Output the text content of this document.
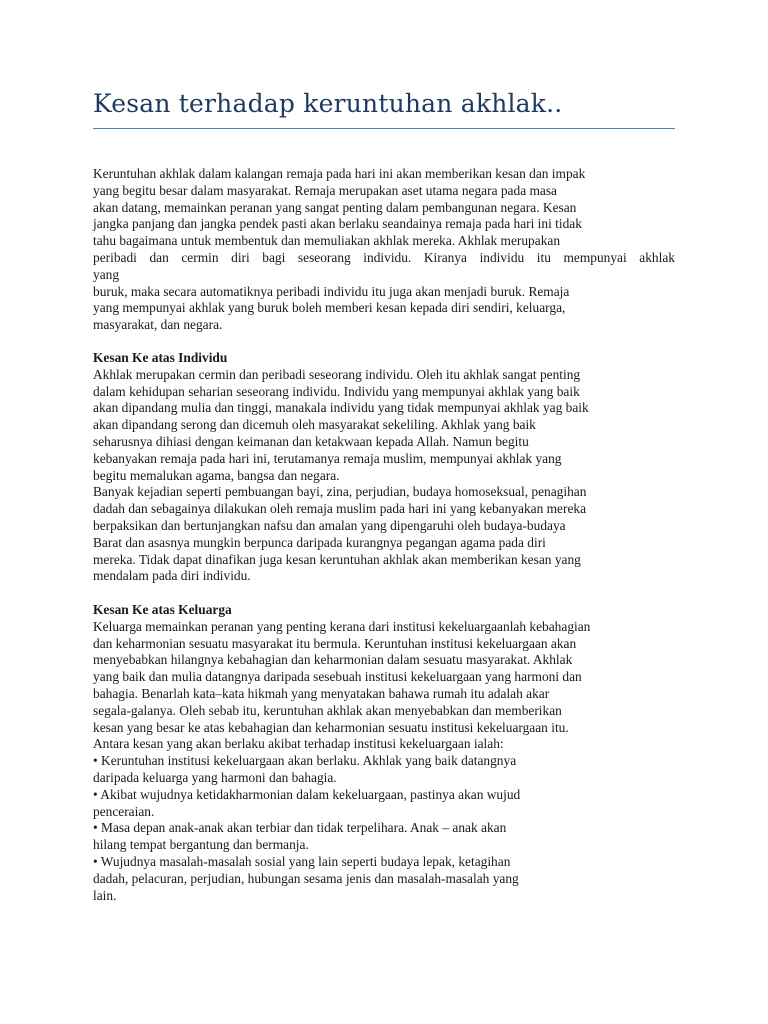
Kesan terhadap keruntuhan akhlak..
Keruntuhan akhlak dalam kalangan remaja pada hari ini akan memberikan kesan dan impak
yang begitu besar dalam masyarakat. Remaja merupakan aset utama negara pada masa
akan datang, memainkan peranan yang sangat penting dalam pembangunan negara. Kesan
jangka panjang dan jangka pendek pasti akan berlaku seandainya remaja pada hari ini tidak
tahu bagaimana untuk membentuk dan memuliakan akhlak mereka. Akhlak merupakan
peribadi dan cermin diri bagi seseorang individu. Kiranya individu itu mempunyai akhlak
yang
buruk, maka secara automatiknya peribadi individu itu juga akan menjadi buruk. Remaja
yang mempunyai akhlak yang buruk boleh memberi kesan kepada diri sendiri, keluarga,
masyarakat, dan negara.
Kesan Ke atas Individu
Akhlak merupakan cermin dan peribadi seseorang individu. Oleh itu akhlak sangat penting
dalam kehidupan seharian seseorang individu. Individu yang mempunyai akhlak yang baik
akan dipandang mulia dan tinggi, manakala individu yang tidak mempunyai akhlak yag baik
akan dipandang serong dan dicemuh oleh masyarakat sekeliling. Akhlak yang baik
seharusnya dihiasi dengan keimanan dan ketakwaan kepada Allah. Namun begitu
kebanyakan remaja pada hari ini, terutamanya remaja muslim, mempunyai akhlak yang
begitu memalukan agama, bangsa dan negara.
Banyak kejadian seperti pembuangan bayi, zina, perjudian, budaya homoseksual, penagihan
dadah dan sebagainya dilakukan oleh remaja muslim pada hari ini yang kebanyakan mereka
berpaksikan dan bertunjangkan nafsu dan amalan yang dipengaruhi oleh budaya-budaya
Barat dan asasnya mungkin berpunca daripada kurangnya pegangan agama pada diri
mereka. Tidak dapat dinafikan juga kesan keruntuhan akhlak akan memberikan kesan yang
mendalam pada diri individu.
Kesan Ke atas Keluarga
Keluarga memainkan peranan yang penting kerana dari institusi kekeluargaanlah kebahagian
dan keharmonian sesuatu masyarakat itu bermula. Keruntuhan institusi kekeluargaan akan
menyebabkan hilangnya kebahagian dan keharmonian dalam sesuatu masyarakat. Akhlak
yang baik dan mulia datangnya daripada sesebuah institusi kekeluargaan yang harmoni dan
bahagia. Benarlah kata–kata hikmah yang menyatakan bahawa rumah itu adalah akar
segala-galanya. Oleh sebab itu, keruntuhan akhlak akan menyebabkan dan memberikan
kesan yang besar ke atas kebahagian dan keharmonian sesuatu institusi kekeluargaan itu.
Antara kesan yang akan berlaku akibat terhadap institusi kekeluargaan ialah:
• Keruntuhan institusi kekeluargaan akan berlaku. Akhlak yang baik datangnya
daripada keluarga yang harmoni dan bahagia.
• Akibat wujudnya ketidakharmonian dalam kekeluargaan, pastinya akan wujud
penceraian.
• Masa depan anak-anak akan terbiar dan tidak terpelihara. Anak – anak akan
hilang tempat bergantung dan bermanja.
• Wujudnya masalah-masalah sosial yang lain seperti budaya lepak, ketagihan
dadah, pelacuran, perjudian, hubungan sesama jenis dan masalah-masalah yang
lain.
